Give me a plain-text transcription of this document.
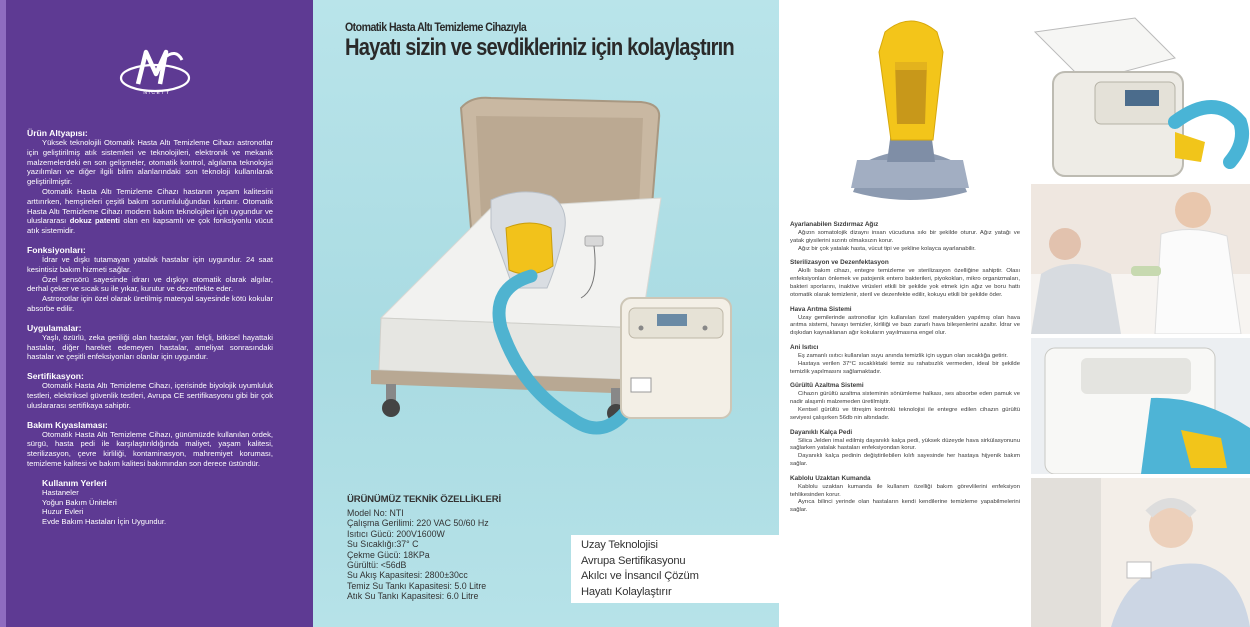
NICETY
Ürün Altyapısı:

Yüksek teknolojili Otomatik Hasta Altı Temizleme Cihazı astronotlar için geliştirilmiş atık sistemleri ve teknolojileri, elektronik ve mekanik malzemelerdeki en son gelişmeler, otomatik kontrol, algılama teknolojisi yazılımları ve diğer ilgili bilim alanlarındaki son teknoloji kullanılarak geliştirilmiştir.

Otomatik Hasta Altı Temizleme Cihazı hastanın yaşam kalitesini arttırırken, hemşireleri çeşitli bakım sorumluluğundan kurtarır. Otomatik Hasta Altı Temizleme Cihazı modern bakım teknolojileri için uygundur ve uluslararası dokuz patenti olan en kapsamlı ve çok fonksiyonlu vücut atık sistemidir.

Fonksiyonları:

İdrar ve dışkı tutamayan yatalak hastalar için uygundur. 24 saat kesintisiz bakım hizmeti sağlar.

Özel sensörü sayesinde idrarı ve dışkıyı otomatik olarak algılar, derhal çeker ve sıcak su ile yıkar, kurutur ve dezenfekte eder.

Astronotlar için özel olarak üretilmiş materyal sayesinde kötü kokular absorbe edilir.

Uygulamalar:

Yaşlı, özürlü, zeka geriliği olan hastalar, yarı felçli, bitkisel hayattaki hastalar, diğer hareket edemeyen hastalar, ameliyat sonrasındaki hastalar ve çeşitli enfeksiyonları olanlar için uygundur.

Sertifikasyon:

Otomatik Hasta Altı Temizleme Cihazı, içerisinde biyolojik uyumluluk testleri, elektriksel güvenlik testleri, Avrupa CE sertifikasyonu gibi bir çok uluslararası sertifikaya sahiptir.

Bakım Kıyaslaması:

Otomatik Hasta Altı Temizleme Cihazı, günümüzde kullanılan ördek, sürgü, hasta pedi ile karşılaştırıldığında maliyet, yaşam kalitesi, sterilizasyon, çevre kirliliği, kontaminasyon, mahremiyet koruması, temizleme kalitesi ve bakım kalitesi bakımından son derece üstündür.

Kullanım Yerleri
Hastaneler
Yoğun Bakım Üniteleri
Huzur Evleri
Evde Bakım Hastaları İçin Uygundur.
Otomatik Hasta Altı Temizleme Cihazıyla
Hayatı sizin ve sevdikleriniz için kolaylaştırın
ÜRÜNÜMÜZ TEKNİK ÖZELLİKLERİ
Model No: NTI
Çalışma Gerilimi: 220 VAC 50/60 Hz
Isıtıcı Gücü: 200V1600W
Su Sıcaklığı:37° C
Çekme Gücü: 18KPa
Gürültü: <56dB
Su Akış Kapasitesi: 2800±30cc
Temiz Su Tankı Kapasitesi: 5.0 Litre
Atık Su Tankı Kapasitesi: 6.0 Litre
Uzay Teknolojisi
Avrupa Sertifikasyonu
Akılcı ve İnsancıl Çözüm
Hayatı Kolaylaştırır
Ayarlanabilen Sızdırmaz Ağız

Ağızın somatolojik dizaynı insan vücuduna sıkı bir şekilde oturur. Ağız yatağı ve yatak giysilerini sızıntı olmaksızın korur.

Ağız bir çok yatalak hasta, vücut tipi ve şekline kolayca ayarlanabilir.

Sterilizasyon ve Dezenfektasyon

Akıllı bakım cihazı, entegre temizleme ve sterilizasyon özelliğine sahiptir. Olası enfeksiyonları önlemek ve patojenik entero bakterileri, piyokokları, mikro organizmaları, bakteri sporlarını, inaktive virüsleri etkili bir şekilde yok etmek için ağız ve boru hattı otomatik olarak temizlenir, steril ve dezenfekte edilir, kokuyu etkili bir şekilde öder.

Hava Arıtma Sistemi

Uzay gemilerinde astronotlar için kullanılan özel materyalden yapılmış olan hava arıtma sistemi, havayı temizler, kirliliği ve bazı zararlı hava bileşenlerini azaltır. İdrar ve dışkıdan kaynaklanan ağır kokuların yayılmasına engel olur.

Ani Isıtıcı

Eş zamanlı ısıtıcı kullanılan suyu anında temizlik için uygun olan sıcaklığa getirir.

Hastaya verilen 37°C sıcaklıktaki temiz su rahatsızlık vermeden, ideal bir şekilde temizlik yapılmasını sağlamaktadır.

Gürültü Azaltma Sistemi

Cihazın gürültü azaltma sisteminin sönümleme halkası, ses absorbe eden pamuk ve nadir alaşımlı malzemeden üretilmiştir.

Kentsel gürültü ve titreşim kontrolü teknolojisi ile entegre edilen cihazın gürültü seviyesi çalışırken 56db nin altındadır.

Dayanıklı Kalça Pedi

Silica Jelden imal edilmiş dayanıklı kalça pedi, yüksek düzeyde hava sirkülasyonunu sağlarken yatalak hastaları enfeksiyondan korur.

Dayanıklı kalça pedinin değiştirilebilen kılıfı sayesinde her hastaya hijyenik bakım sağlar.

Kablolu Uzaktan Kumanda

Kablolu uzaktan kumanda ile kullanım özelliği bakım görevlilerini enfeksiyon tehlikesinden korur.

Ayrıca bilinci yerinde olan hastaların kendi kendilerine temizleme yapabilmelerini sağlar.
